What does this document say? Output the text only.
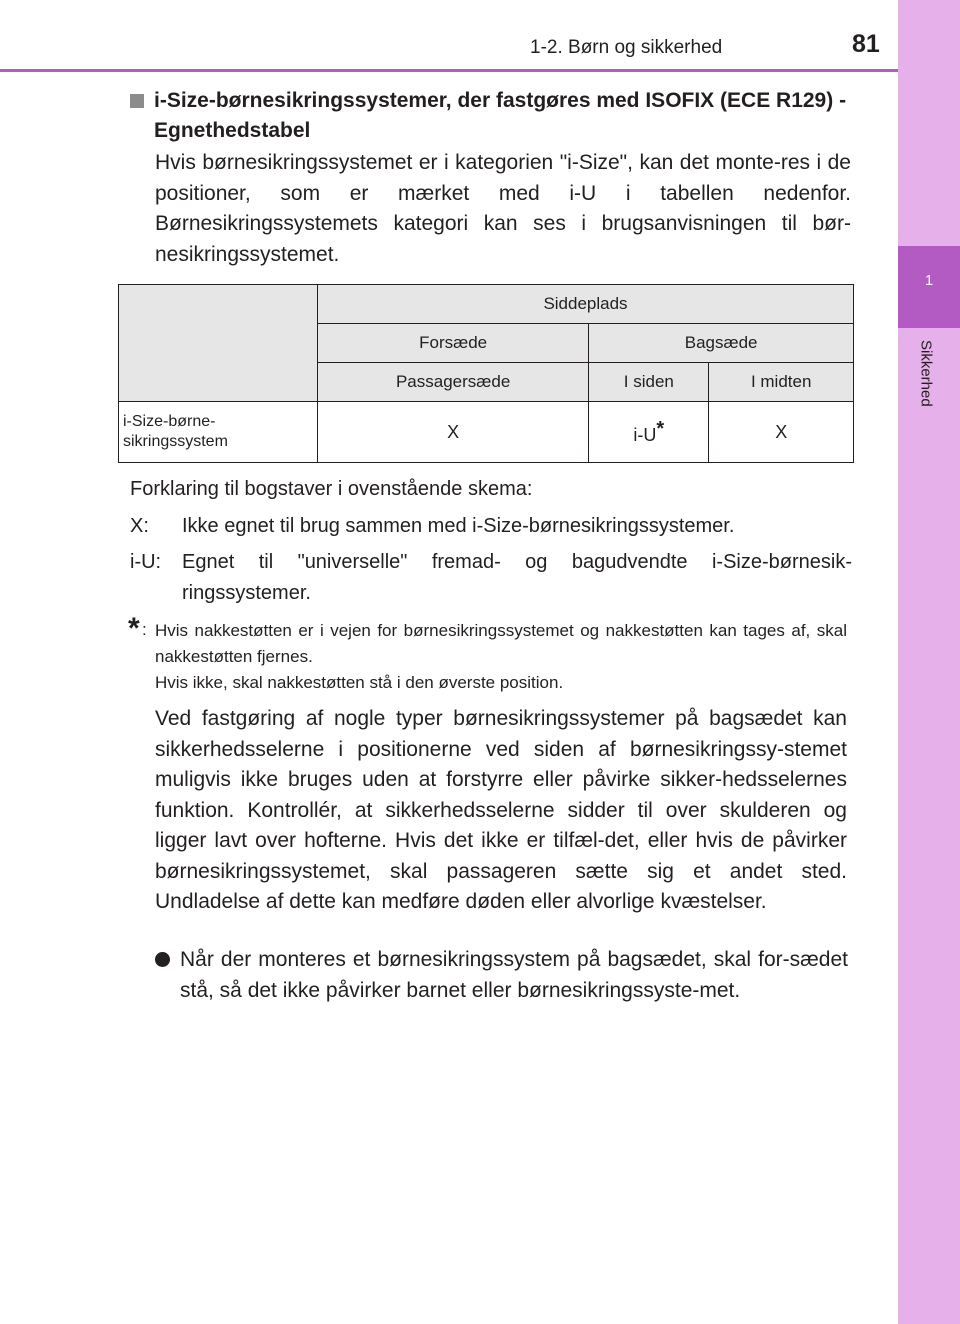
1
Sikkerhed
1-2. Børn og sikkerhed	81
i-Size-børnesikringssystemer, der fastgøres med ISOFIX (ECE R129) - Egnethedstabel
Hvis børnesikringssystemet er i kategorien "i-Size", kan det monte-res i de positioner, som er mærket med i-U i tabellen nedenfor. Børnesikringssystemets kategori kan ses i brugsanvisningen til bør-nesikringssystemet.
	Siddeplads		
	Forsæde	Bagsæde	
	Passagersæde	I siden	I midten
i-Size-børne-
sikringssystem	X	i-U*	X
Forklaring til bogstaver i ovenstående skema:
X: Ikke egnet til brug sammen med i-Size-børnesikringssystemer.
i-U: Egnet til "universelle" fremad- og bagudvendte i-Size-børnesik-ringssystemer.
* : Hvis nakkestøtten er i vejen for børnesikringssystemet og nakkestøtten kan tages af, skal nakkestøtten fjernes.
Hvis ikke, skal nakkestøtten stå i den øverste position.
Ved fastgøring af nogle typer børnesikringssystemer på bagsædet kan sikkerhedsselerne i positionerne ved siden af børnesikringssy-stemet muligvis ikke bruges uden at forstyrre eller påvirke sikker-hedsselernes funktion. Kontrollér, at sikkerhedsselerne sidder til over skulderen og ligger lavt over hofterne. Hvis det ikke er tilfæl-det, eller hvis de påvirker børnesikringssystemet, skal passageren sætte sig et andet sted. Undladelse af dette kan medføre døden eller alvorlige kvæstelser.
Når der monteres et børnesikringssystem på bagsædet, skal for-sædet stå, så det ikke påvirker barnet eller børnesikringssyste-met.
